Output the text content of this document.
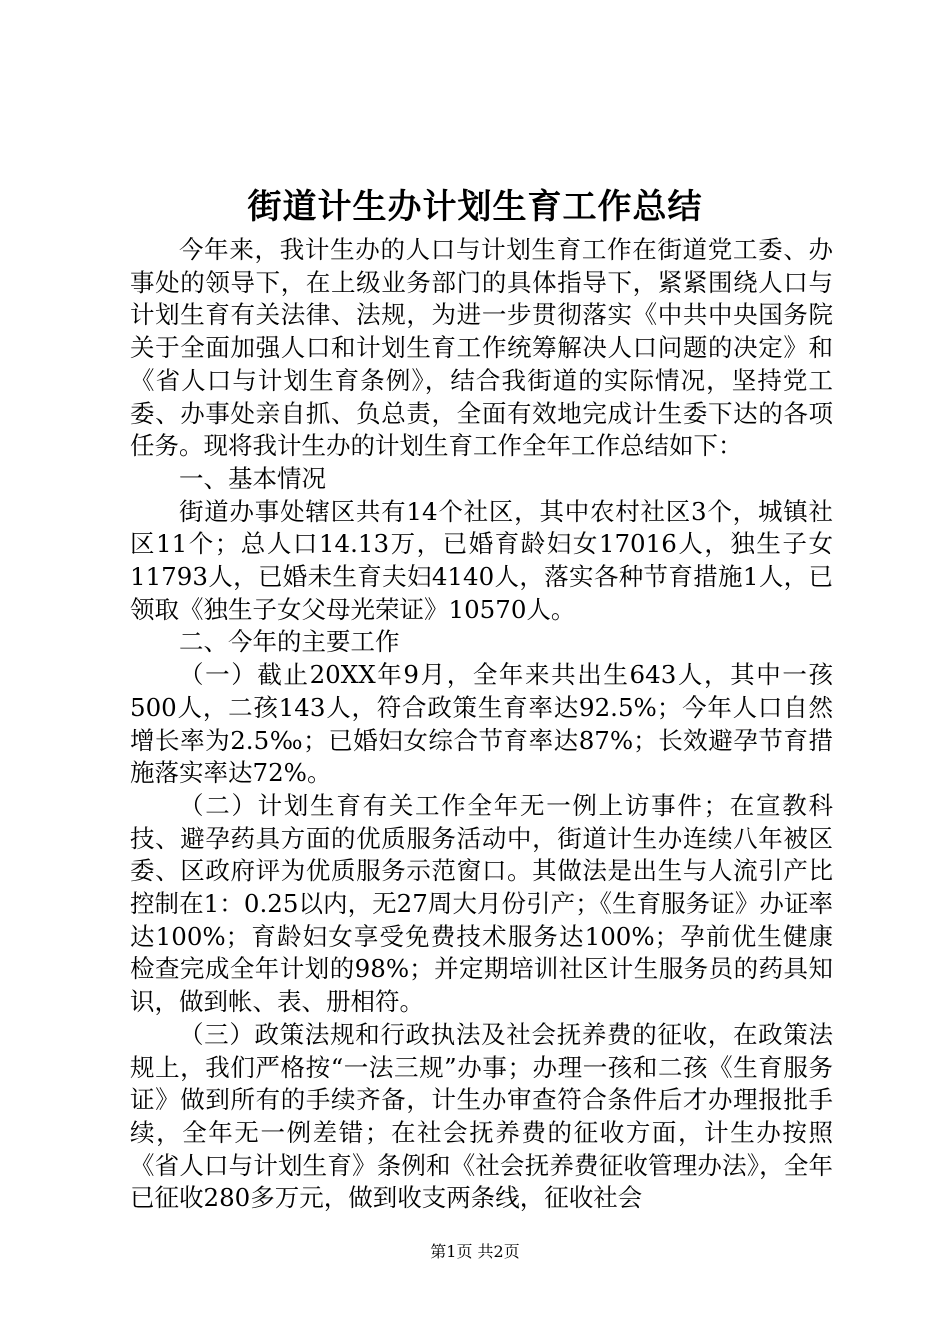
街道计生办计划生育工作总结

今年来，我计生办的人口与计划生育工作在街道党工委、办事处的领导下，在上级业务部门的具体指导下，紧紧围绕人口与计划生育有关法律、法规，为进一步贯彻落实《中共中央国务院关于全面加强人口和计划生育工作统筹解决人口问题的决定》和《省人口与计划生育条例》，结合我街道的实际情况，坚持党工委、办事处亲自抓、负总责，全面有效地完成计生委下达的各项任务。现将我计生办的计划生育工作全年工作总结如下：

一、基本情况

街道办事处辖区共有14个社区，其中农村社区3个，城镇社区11个；总人口14.13万，已婚育龄妇女17016人，独生子女11793人，已婚未生育夫妇4140人，落实各种节育措施1人，已领取《独生子女父母光荣证》10570人。

二、今年的主要工作

（一）截止20XX年9月，全年来共出生643人，其中一孩500人，二孩143人，符合政策生育率达92.5%；今年人口自然增长率为2.5‰；已婚妇女综合节育率达87%；长效避孕节育措施落实率达72%。

（二）计划生育有关工作全年无一例上访事件；在宣教科技、避孕药具方面的优质服务活动中，街道计生办连续八年被区委、区政府评为优质服务示范窗口。其做法是出生与人流引产比控制在1：0.25以内，无27周大月份引产；《生育服务证》办证率达100%；育龄妇女享受免费技术服务达100%；孕前优生健康检查完成全年计划的98%；并定期培训社区计生服务员的药具知识，做到帐、表、册相符。

（三）政策法规和行政执法及社会抚养费的征收，在政策法规上，我们严格按“一法三规”办事；办理一孩和二孩《生育服务证》做到所有的手续齐备，计生办审查符合条件后才办理报批手续，全年无一例差错；在社会抚养费的征收方面，计生办按照《省人口与计划生育》条例和《社会抚养费征收管理办法》，全年已征收280多万元，做到收支两条线，征收社会

第1页 共2页
